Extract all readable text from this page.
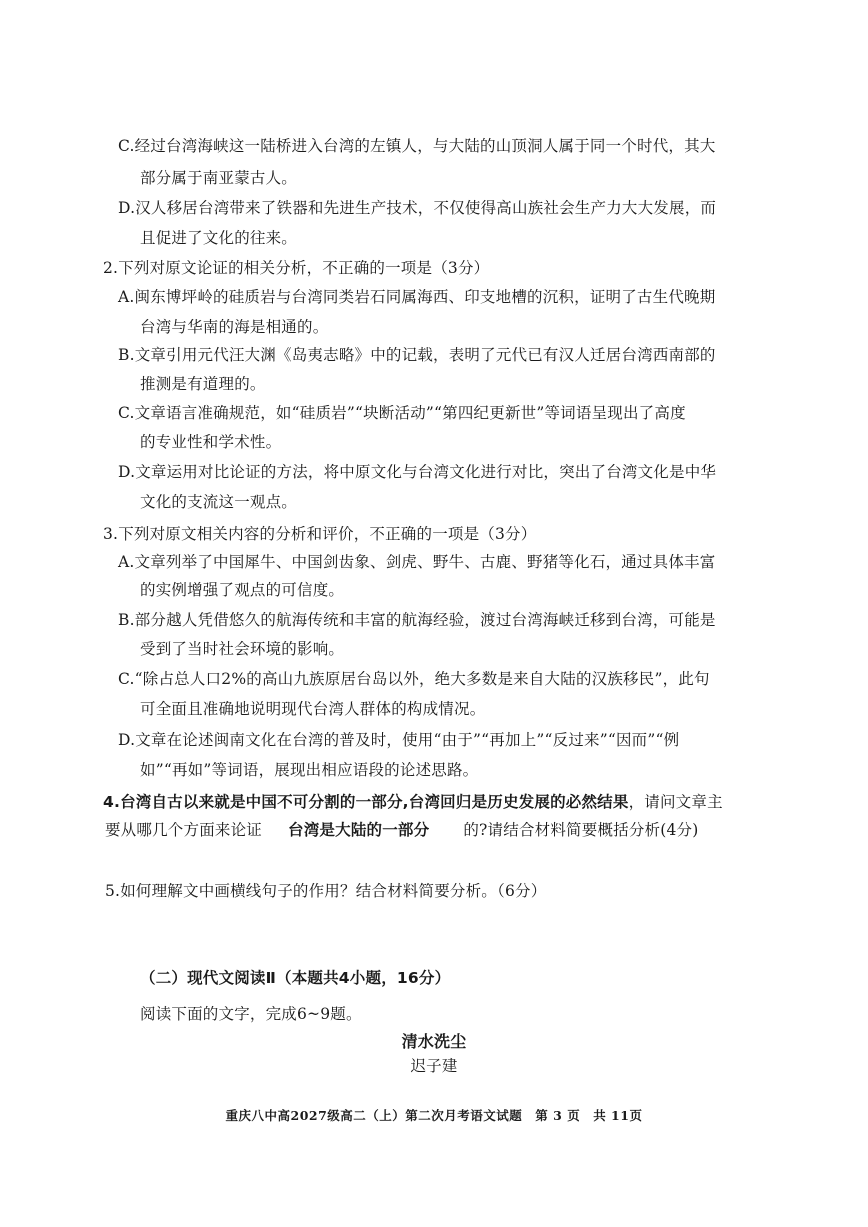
C.经过台湾海峡这一陆桥进入台湾的左镇人，与大陆的山顶洞人属于同一个时代，其大
部分属于南亚蒙古人。
D.汉人移居台湾带来了铁器和先进生产技术，不仅使得高山族社会生产力大大发展，而
且促进了文化的往来。
2.下列对原文论证的相关分析，不正确的一项是（3分）
A.闽东博坪岭的硅质岩与台湾同类岩石同属海西、印支地槽的沉积，证明了古生代晚期
台湾与华南的海是相通的。
B.文章引用元代汪大渊《岛夷志略》中的记载，表明了元代已有汉人迁居台湾西南部的
推测是有道理的。
C.文章语言准确规范，如“硅质岩”“块断活动”“第四纪更新世”等词语呈现出了高度
的专业性和学术性。
D.文章运用对比论证的方法，将中原文化与台湾文化进行对比，突出了台湾文化是中华
文化的支流这一观点。
3.下列对原文相关内容的分析和评价，不正确的一项是（3分）
A.文章列举了中国犀牛、中国剑齿象、剑虎、野牛、古鹿、野猪等化石，通过具体丰富
的实例增强了观点的可信度。
B.部分越人凭借悠久的航海传统和丰富的航海经验，渡过台湾海峡迁移到台湾，可能是
受到了当时社会环境的影响。
C.“除占总人口2%的高山九族原居台岛以外，绝大多数是来自大陆的汉族移民”，此句
可全面且准确地说明现代台湾人群体的构成情况。
D.文章在论述闽南文化在台湾的普及时，使用“由于”“再加上”“反过来”“因而”“例
如”“再如”等词语，展现出相应语段的论述思路。
4.台湾自古以来就是中国不可分割的一部分,台湾回归是历史发展的必然结果，请问文章主
要从哪几个方面来论证 台湾是大陆的一部分 的?请结合材料简要概括分析(4分)
5.如何理解文中画横线句子的作用？结合材料简要分析。（6分）
（二）现代文阅读Ⅱ（本题共4小题，16分）
阅读下面的文字，完成6~9题。
清水洗尘
迟子建
重庆八中高2027级高二（上）第二次月考语文试题　第 3 页　共 11页
